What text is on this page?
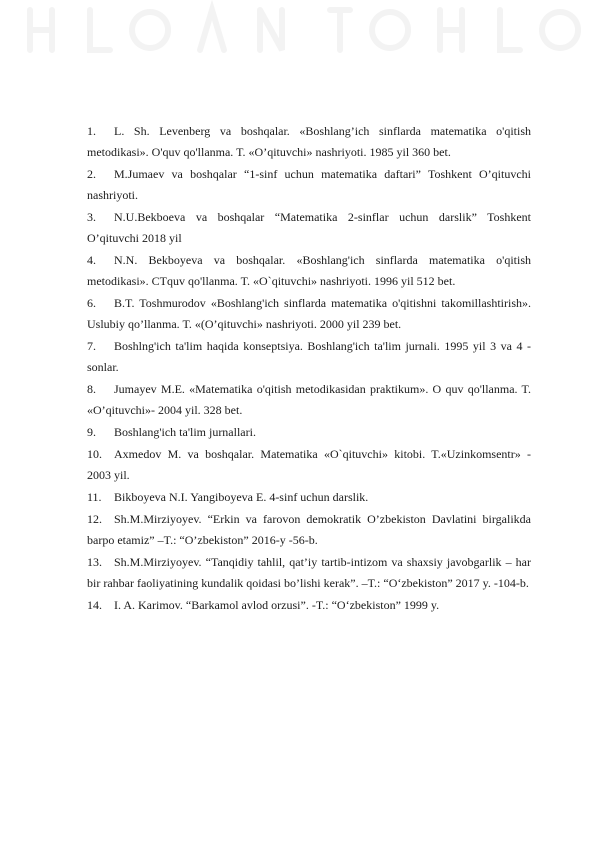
1.	L. Sh. Levenberg va boshqalar. «Boshlang’ich sinflarda matematika o'qitish metodikasi». O'quv qo'llanma. T. «O’qituvchi» nashriyoti. 1985 yil 360 bet.
2.	M.Jumaev va boshqalar “1-sinf uchun matematika daftari” Toshkent O’qituvchi nashriyoti.
3.	N.U.Bekboeva va boshqalar “Matematika 2-sinflar uchun darslik” Toshkent O’qituvchi 2018 yil
4.	N.N. Bekboyeva va boshqalar. «Boshlang'ich sinflarda matematika o'qitish metodikasi». CTquv qo'llanma. T. «O`qituvchi» nashriyoti. 1996 yil 512 bet.
6.	B.T. Toshmurodov «Boshlang'ich sinflarda matematika o'qitishni takomillashtirish». Uslubiy qo’llanma. T. «(O’qituvchi» nashriyoti. 2000 yil 239 bet.
7.	Boshlng'ich ta'lim haqida konseptsiya. Boshlang'ich ta'lim jurnali. 1995 yil 3 va 4 - sonlar.
8.	Jumayev M.E. «Matematika o'qitish metodikasidan praktikum». O quv qo'llanma. T. «O’qituvchi»- 2004 yil. 328 bet.
9.	Boshlang'ich ta'lim jurnallari.
10.	Axmedov M. va boshqalar. Matematika «O`qituvchi» kitobi. T.«Uzinkomsentr» - 2003 yil.
11.	Bikboyeva N.I. Yangiboyeva E. 4-sinf uchun darslik.
12.	Sh.M.Mirziyoyev. “Erkin va farovon demokratik O’zbekiston Davlatini birgalikda barpo etamiz” –T.: “O’zbekiston” 2016-y -56-b.
13.	Sh.M.Mirziyoyev. “Tanqidiy tahlil, qat’iy tartib-intizom va shaxsiy javobgarlik – har bir rahbar faoliyatining kundalik qoidasi bo’lishi kerak”. –T.: “O‘zbekiston” 2017 y. -104-b.
14.	I. A. Karimov. “Barkamol avlod orzusi”. -T.: “O‘zbekiston” 1999 y.
